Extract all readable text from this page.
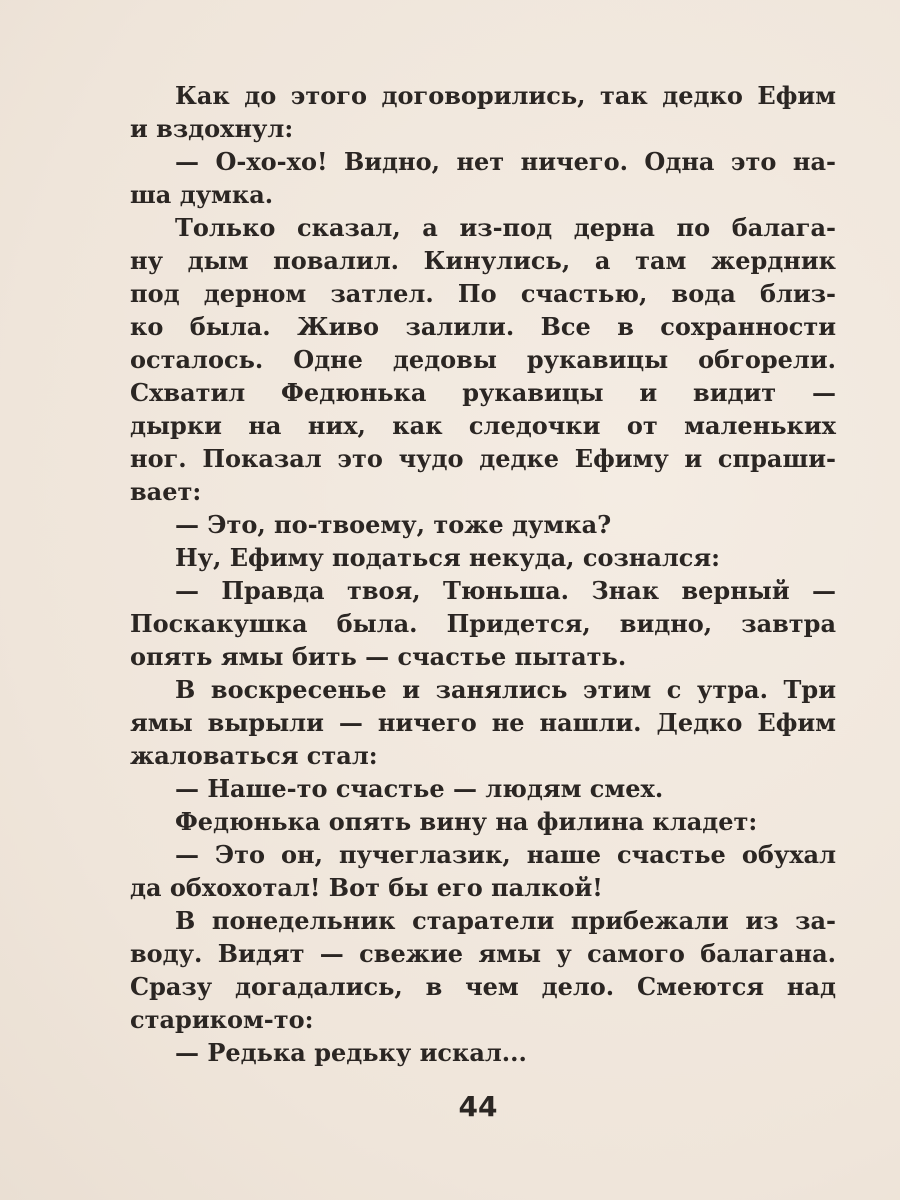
Как до этого договорились, так дедко Ефим
и вздохнул:
— О-хо-хо! Видно, нет ничего. Одна это на-
ша думка.
Только сказал, а из-под дерна по балага-
ну дым повалил. Кинулись, а там жердник
под дерном затлел. По счастью, вода близ-
ко была. Живо залили. Все в сохранности
осталось. Одне дедовы рукавицы обгорели.
Схватил Федюнька рукавицы и видит —
дырки на них, как следочки от маленьких
ног. Показал это чудо дедке Ефиму и спраши-
вает:
— Это, по-твоему, тоже думка?
Ну, Ефиму податься некуда, сознался:
— Правда твоя, Тюньша. Знак верный —
Поскакушка была. Придется, видно, завтра
опять ямы бить — счастье пытать.
В воскресенье и занялись этим с утра. Три
ямы вырыли — ничего не нашли. Дедко Ефим
жаловаться стал:
— Наше-то счастье — людям смех.
Федюнька опять вину на филина кладет:
— Это он, пучеглазик, наше счастье обухал
да обхохотал! Вот бы его палкой!
В понедельник старатели прибежали из за-
воду. Видят — свежие ямы у самого балагана.
Сразу догадались, в чем дело. Смеются над
стариком-то:
— Редька редьку искал...
44
